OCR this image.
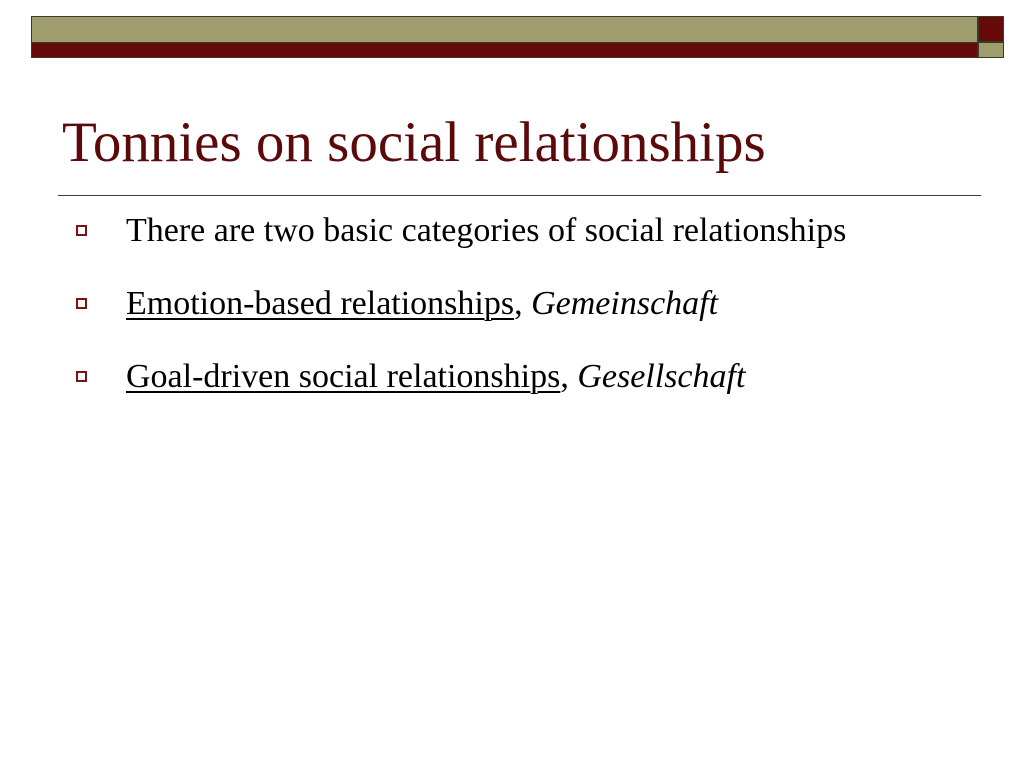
Tonnies on social relationships
There are two basic categories of social relationships
Emotion-based relationships, Gemeinschaft
Goal-driven social relationships, Gesellschaft
